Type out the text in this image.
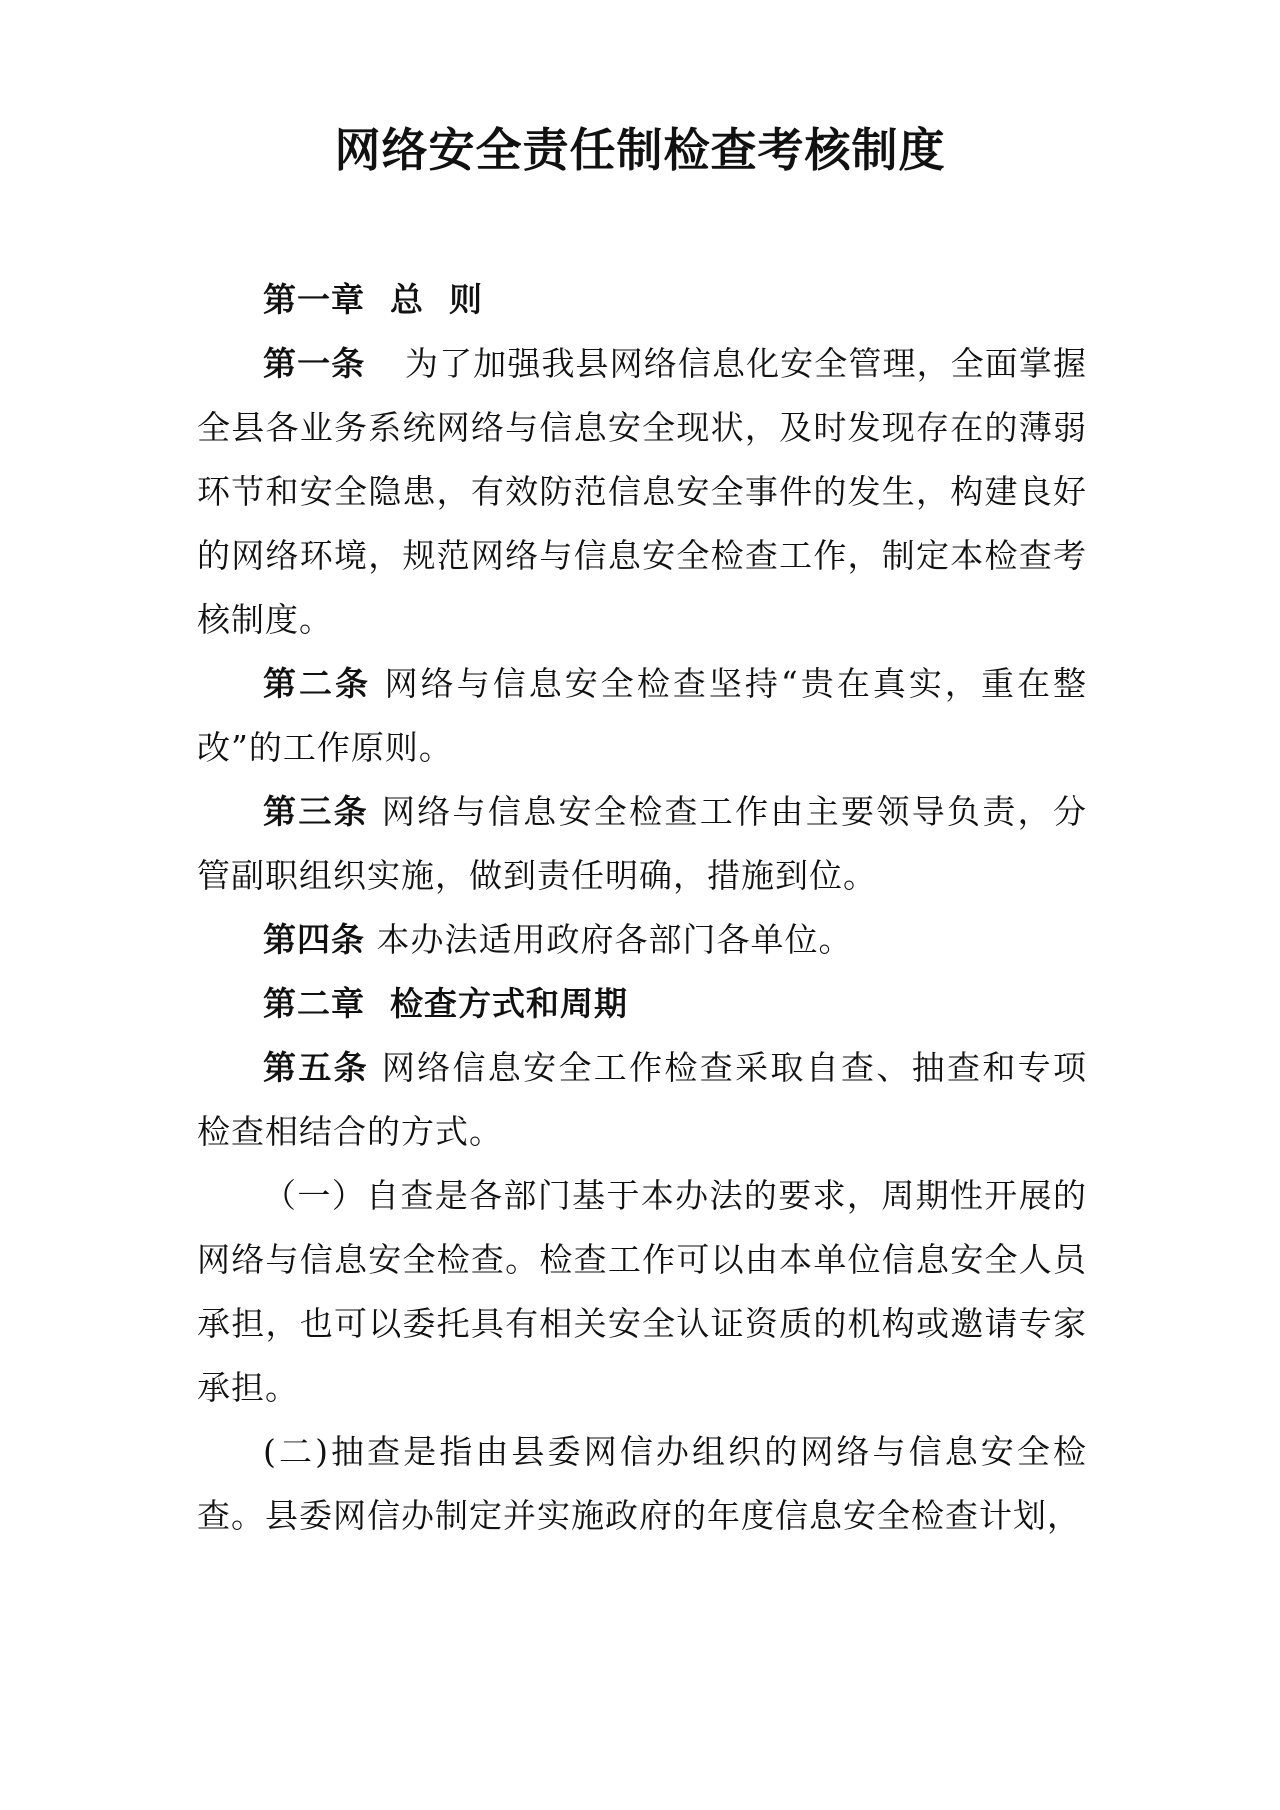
网络安全责任制检查考核制度

第一章  总  则

第一条 为了加强我县网络信息化安全管理，全面掌握全县各业务系统网络与信息安全现状，及时发现存在的薄弱环节和安全隐患，有效防范信息安全事件的发生，构建良好的网络环境，规范网络与信息安全检查工作，制定本检查考核制度。

第二条 网络与信息安全检查坚持“贵在真实，重在整改”的工作原则。

第三条 网络与信息安全检查工作由主要领导负责，分管副职组织实施，做到责任明确，措施到位。

第四条 本办法适用政府各部门各单位。

第二章  检查方式和周期

第五条 网络信息安全工作检查采取自查、抽查和专项检查相结合的方式。

（一）自查是各部门基于本办法的要求，周期性开展的网络与信息安全检查。检查工作可以由本单位信息安全人员承担，也可以委托具有相关安全认证资质的机构或邀请专家承担。

(二)抽查是指由县委网信办组织的网络与信息安全检查。县委网信办制定并实施政府的年度信息安全检查计划，
